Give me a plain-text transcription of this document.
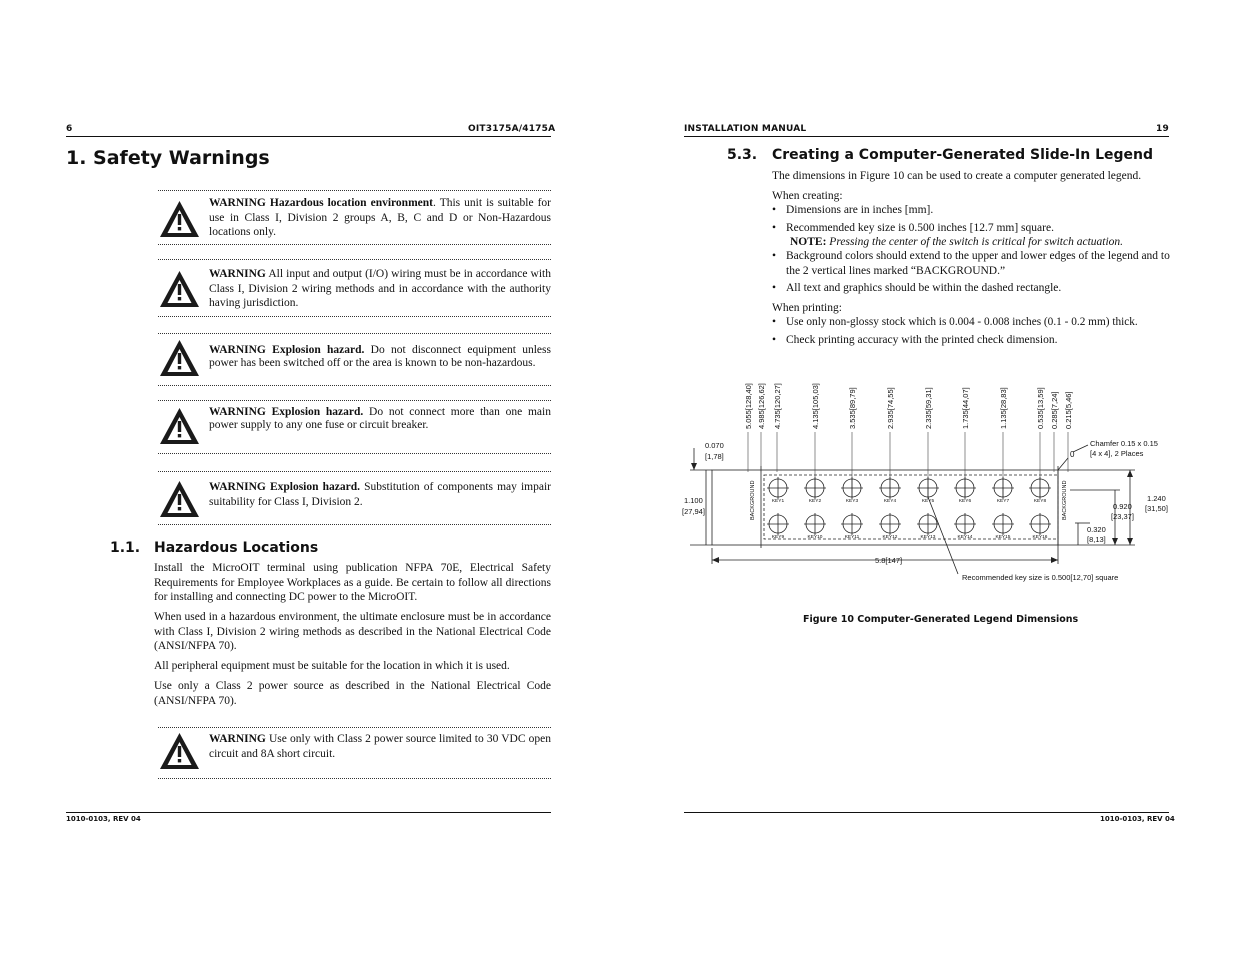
6	OIT3175A/4175A
1. Safety Warnings
WARNING Hazardous location environment. This unit is suitable for use in Class I, Division 2 groups A, B, C and D or Non-Hazardous locations only.
WARNING All input and output (I/O) wiring must be in accordance with Class I, Division 2 wiring methods and in accordance with the authority having jurisdiction.
WARNING Explosion hazard. Do not disconnect equipment unless power has been switched off or the area is known to be non-hazardous.
WARNING Explosion hazard. Do not connect more than one main power supply to any one fuse or circuit breaker.
WARNING Explosion hazard. Substitution of components may impair suitability for Class I, Division 2.
1.1. Hazardous Locations
Install the MicroOIT terminal using publication NFPA 70E, Electrical Safety Requirements for Employee Workplaces as a guide. Be certain to follow all directions for installing and connecting DC power to the MicroOIT.
When used in a hazardous environment, the ultimate enclosure must be in accordance with Class I, Division 2 wiring methods as described in the National Electrical Code (ANSI/NFPA 70).
All peripheral equipment must be suitable for the location in which it is used.
Use only a Class 2 power source as described in the National Electrical Code (ANSI/NFPA 70).
WARNING Use only with Class 2 power source limited to 30 VDC open circuit and 8A short circuit.
1010-0103, REV 04
INSTALLATION MANUAL	19
5.3. Creating a Computer-Generated Slide-In Legend
The dimensions in Figure 10 can be used to create a computer generated legend.
When creating:
• Dimensions are in inches [mm].
• Recommended key size is 0.500 inches [12.7 mm] square.
NOTE: Pressing the center of the switch is critical for switch actuation.
• Background colors should extend to the upper and lower edges of the legend and to the 2 vertical lines marked “BACKGROUND.”
• All text and graphics should be within the dashed rectangle.
When printing:
• Use only non-glossy stock which is 0.004 - 0.008 inches (0.1 - 0.2 mm) thick.
• Check printing accuracy with the printed check dimension.
0.070
[1,78]
1.100
[27,94]
Chamfer 0.15 x 0.15
[4 x 4], 2 Places
0.920
[23,37]
1.240
[31,50]
0.320
[8,13]
5.8[147]
Recommended key size is 0.500[12,70] square
0
BACKGROUND	BACKGROUND
KEY1	KEY2	KEY3	KEY4	KEY5	KEY6	KEY7	KEY8
KEY9	KEY10	KEY11	KEY12	KEY13	KEY14	KEY15	KEY16
5.055[128,40] 4.985[126,62] 4.735[120,27]	4.135[105,03]	3.535[89,79]	2.935[74,55]	2.335[59,31]	1.735[44,07]	1.135[28,83]	0.535[13,59] 0.285[7,24] 0.215[5,46]
Figure 10 Computer-Generated Legend Dimensions
1010-0103, REV 04
